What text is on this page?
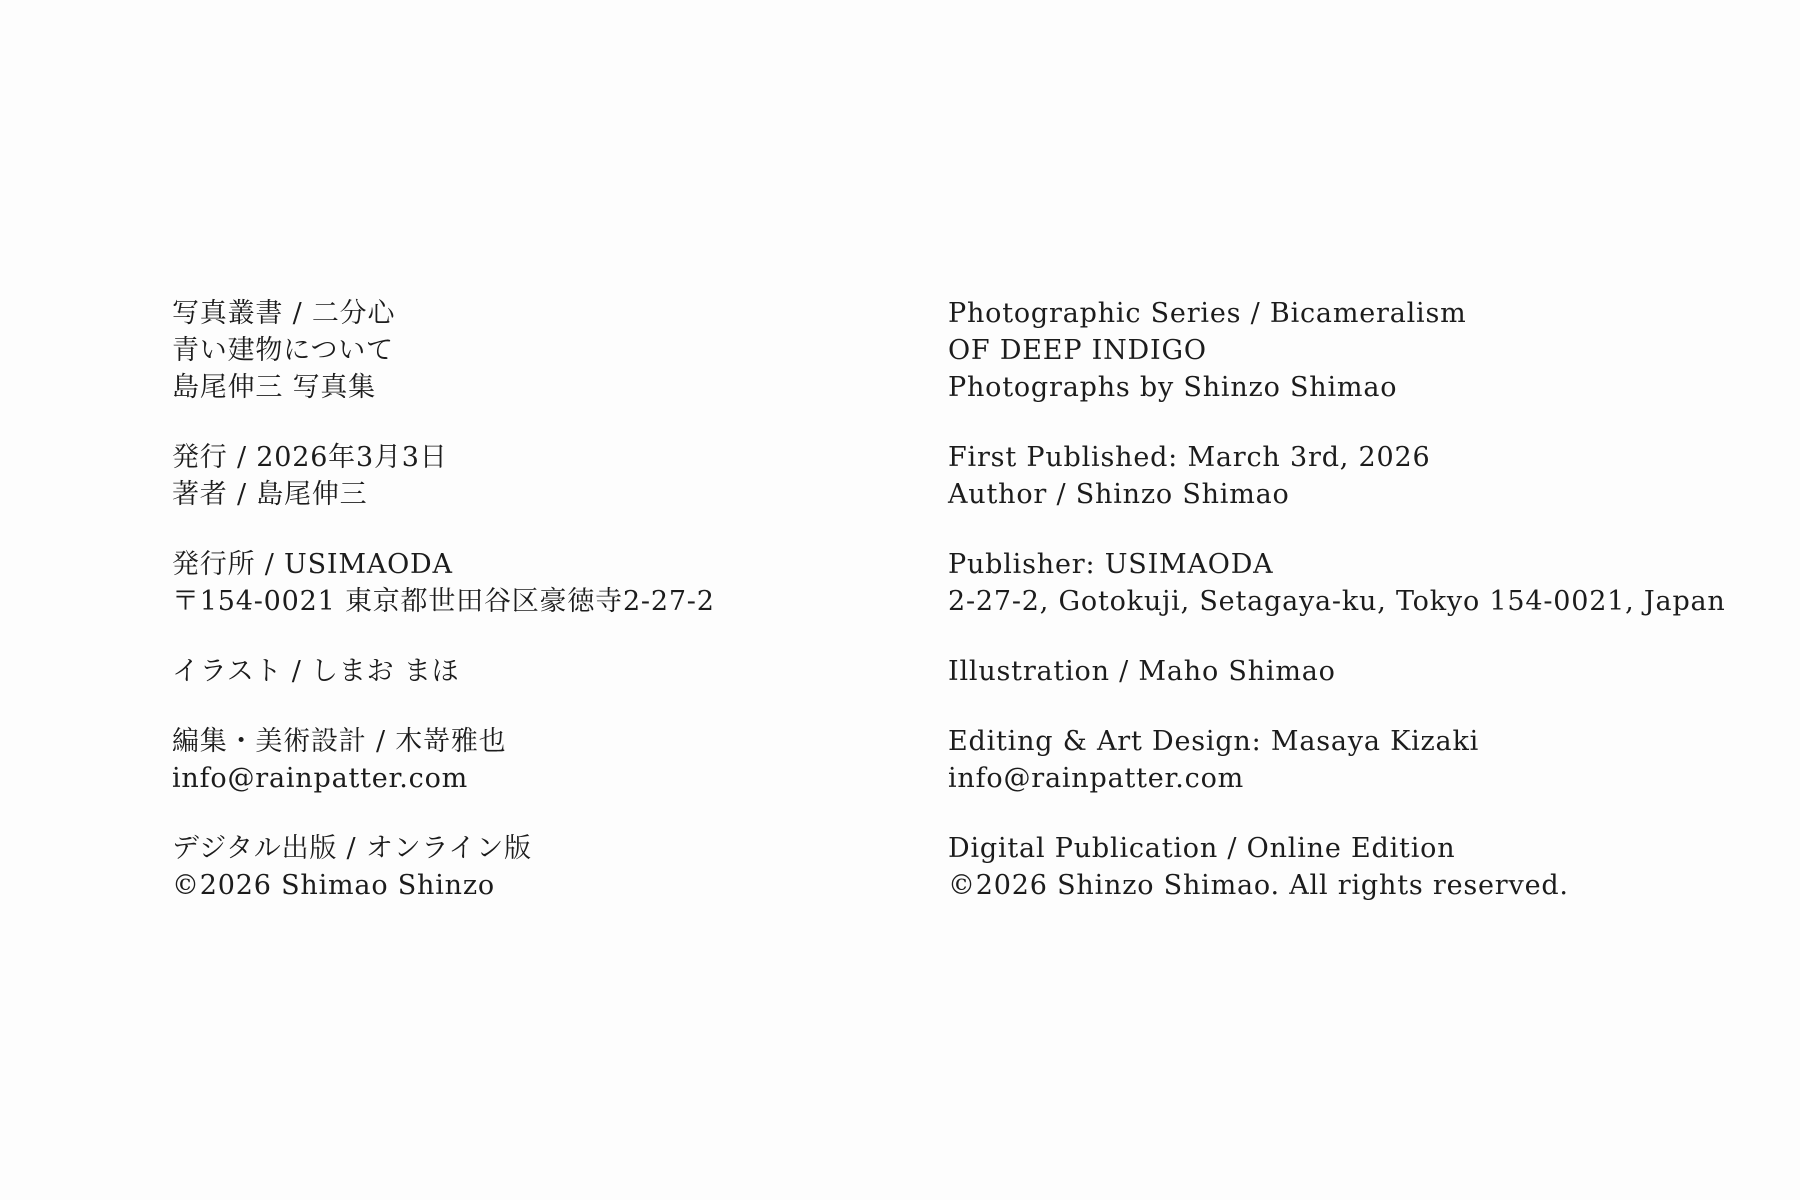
写真叢書 / 二分心
青い建物について
島尾伸三 写真集

発行 / 2026年3月3日
著者 / 島尾伸三

発行所 / USIMAODA
〒154-0021 東京都世田谷区豪徳寺2-27-2

イラスト / しまお まほ

編集・美術設計 / 木嵜雅也
info@rainpatter.com

デジタル出版 / オンライン版
©2026 Shimao Shinzo

Photographic Series / Bicameralism
OF DEEP INDIGO
Photographs by Shinzo Shimao

First Published: March 3rd, 2026
Author / Shinzo Shimao

Publisher: USIMAODA
2-27-2, Gotokuji, Setagaya-ku, Tokyo 154-0021, Japan

Illustration / Maho Shimao

Editing & Art Design: Masaya Kizaki
info@rainpatter.com

Digital Publication / Online Edition
©2026 Shinzo Shimao. All rights reserved.
